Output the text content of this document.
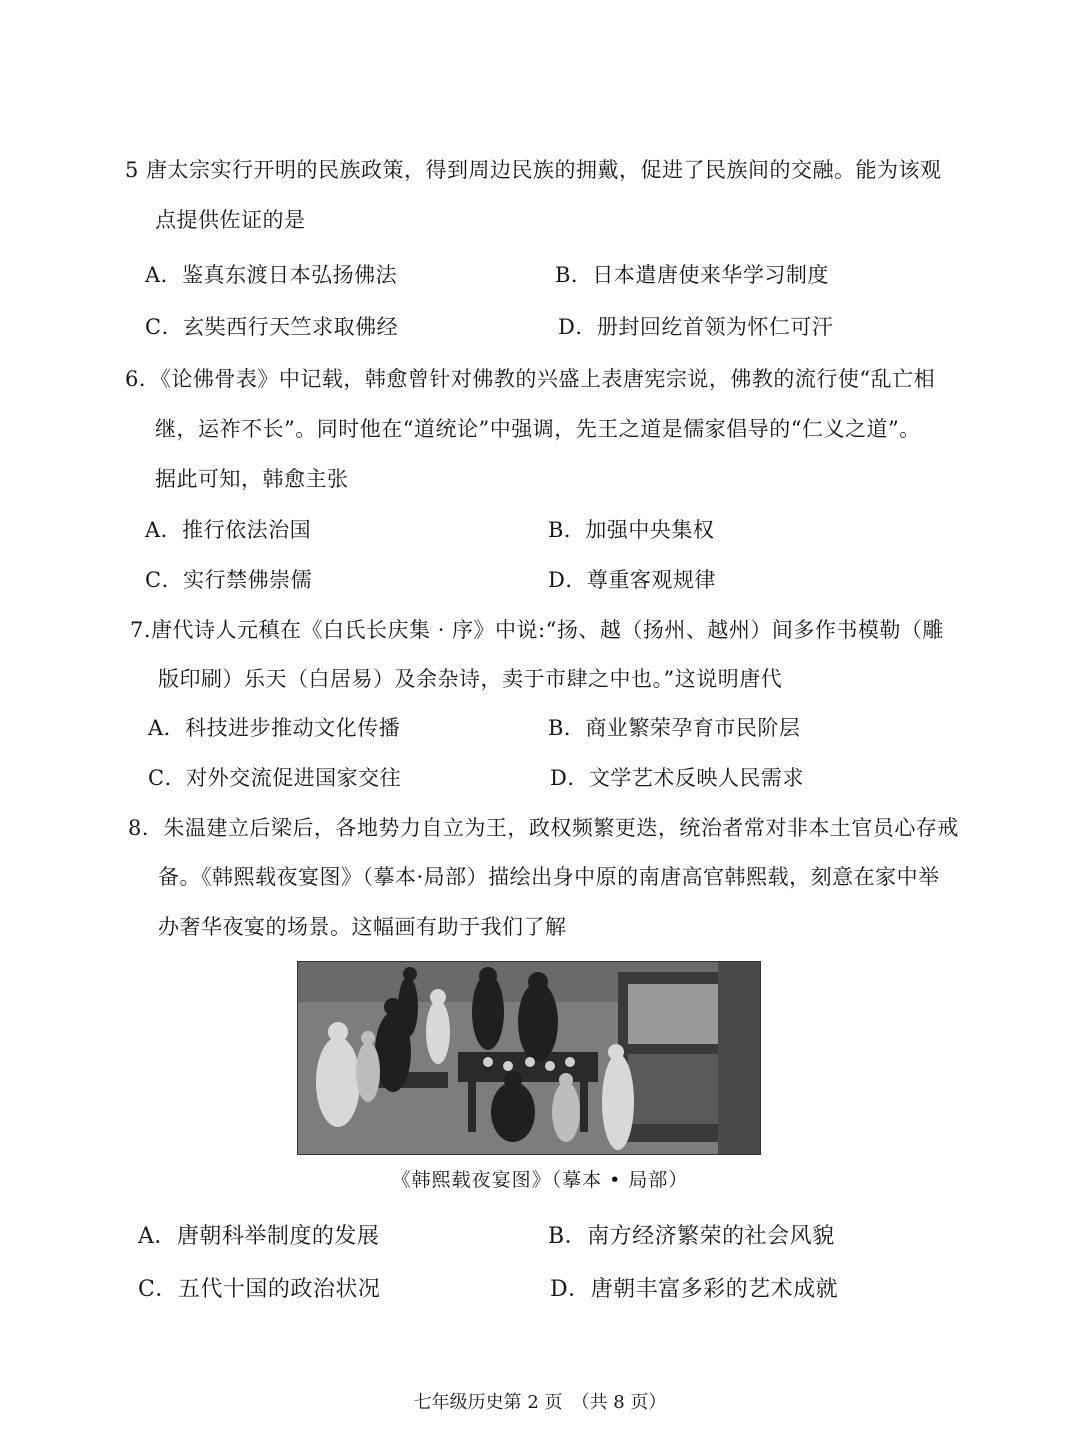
5 唐太宗实行开明的民族政策，得到周边民族的拥戴，促进了民族间的交融。能为该观
点提供佐证的是
A．鉴真东渡日本弘扬佛法	B．日本遣唐使来华学习制度
C．玄奘西行天竺求取佛经	D．册封回纥首领为怀仁可汗
6．《论佛骨表》中记载，韩愈曾针对佛教的兴盛上表唐宪宗说，佛教的流行使“乱亡相
继，运祚不长”。同时他在“道统论”中强调，先王之道是儒家倡导的“仁义之道”。
据此可知，韩愈主张
A．推行依法治国	B．加强中央集权
C．实行禁佛崇儒	D．尊重客观规律
7.唐代诗人元稹在《白氏长庆集 · 序》中说:“扬、越（扬州、越州）间多作书模勒（雕
版印刷）乐天（白居易）及余杂诗，卖于市肆之中也。”这说明唐代
A．科技进步推动文化传播	B．商业繁荣孕育市民阶层
C．对外交流促进国家交往	D．文学艺术反映人民需求
8．朱温建立后梁后，各地势力自立为王，政权频繁更迭，统治者常对非本土官员心存戒
备。《韩熙载夜宴图》（摹本·局部）描绘出身中原的南唐高官韩熙载，刻意在家中举
办奢华夜宴的场景。这幅画有助于我们了解
《韩熙载夜宴图》（摹本 • 局部）
A．唐朝科举制度的发展	B．南方经济繁荣的社会风貌
C．五代十国的政治状况	D．唐朝丰富多彩的艺术成就
七年级历史第 2 页　（共 8 页）
